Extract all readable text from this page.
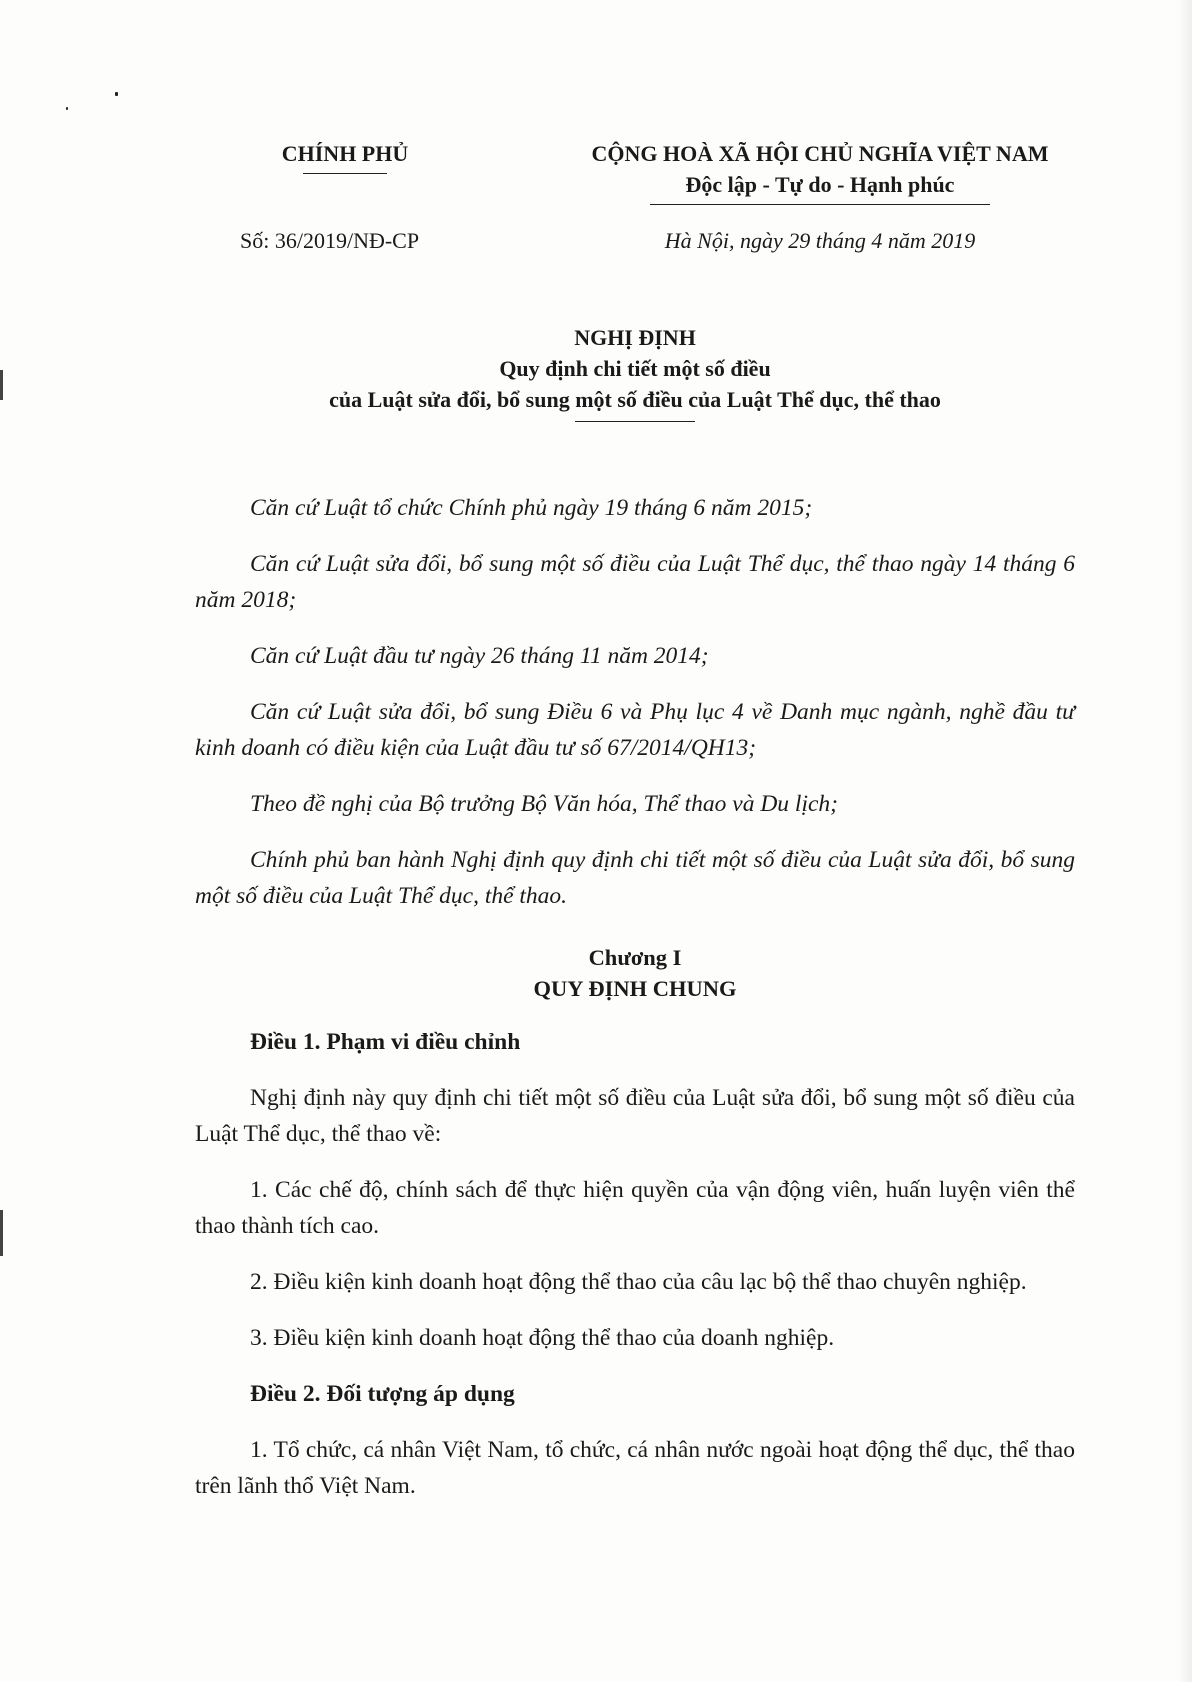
CHÍNH PHỦ	CỘNG HOÀ XÃ HỘI CHỦ NGHĨA VIỆT NAM

Độc lập - Tự do - Hạnh phúc

Số: 36/2019/NĐ-CP	Hà Nội, ngày 29 tháng 4 năm 2019

NGHỊ ĐỊNH

Quy định chi tiết một số điều

của Luật sửa đổi, bổ sung một số điều của Luật Thể dục, thể thao

Căn cứ Luật tổ chức Chính phủ ngày 19 tháng 6 năm 2015;

Căn cứ Luật sửa đổi, bổ sung một số điều của Luật Thể dục, thể thao ngày 14 tháng 6 năm 2018;

Căn cứ Luật đầu tư ngày 26 tháng 11 năm 2014;

Căn cứ Luật sửa đổi, bổ sung Điều 6 và Phụ lục 4 về Danh mục ngành, nghề đầu tư kinh doanh có điều kiện của Luật đầu tư số 67/2014/QH13;

Theo đề nghị của Bộ trưởng Bộ Văn hóa, Thể thao và Du lịch;

Chính phủ ban hành Nghị định quy định chi tiết một số điều của Luật sửa đổi, bổ sung một số điều của Luật Thể dục, thể thao.

Chương I
QUY ĐỊNH CHUNG

Điều 1. Phạm vi điều chỉnh

Nghị định này quy định chi tiết một số điều của Luật sửa đổi, bổ sung một số điều của Luật Thể dục, thể thao về:

1. Các chế độ, chính sách để thực hiện quyền của vận động viên, huấn luyện viên thể thao thành tích cao.

2. Điều kiện kinh doanh hoạt động thể thao của câu lạc bộ thể thao chuyên nghiệp.

3. Điều kiện kinh doanh hoạt động thể thao của doanh nghiệp.

Điều 2. Đối tượng áp dụng

1. Tổ chức, cá nhân Việt Nam, tổ chức, cá nhân nước ngoài hoạt động thể dục, thể thao trên lãnh thổ Việt Nam.
